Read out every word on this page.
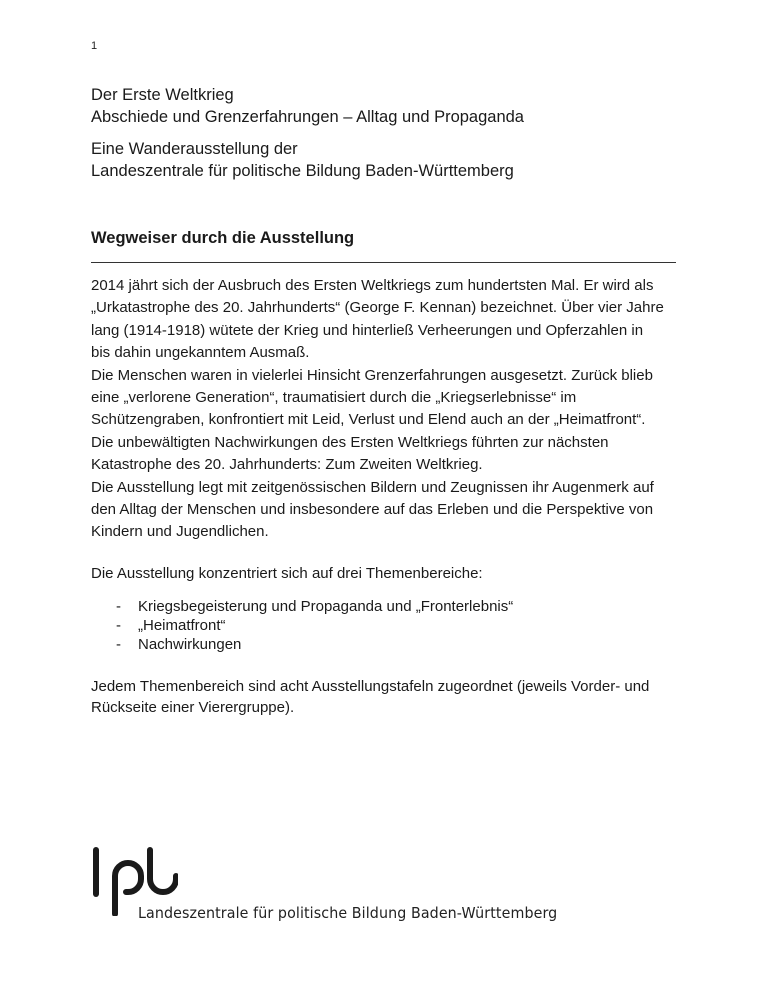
1
Der Erste Weltkrieg
Abschiede und Grenzerfahrungen – Alltag und Propaganda
Eine Wanderausstellung der
Landeszentrale für politische Bildung Baden-Württemberg
Wegweiser durch die Ausstellung

2014 jährt sich der Ausbruch des Ersten Weltkriegs zum hundertsten Mal. Er wird als

„Urkatastrophe des 20. Jahrhunderts“ (George F. Kennan) bezeichnet. Über vier Jahre

lang (1914-1918) wütete der Krieg und hinterließ Verheerungen und Opferzahlen in

bis dahin ungekanntem Ausmaß.

Die Menschen waren in vielerlei Hinsicht Grenzerfahrungen ausgesetzt. Zurück blieb

eine „verlorene Generation“, traumatisiert durch die „Kriegserlebnisse“ im

Schützengraben, konfrontiert mit Leid, Verlust und Elend auch an der „Heimatfront“.

Die unbewältigten Nachwirkungen des Ersten Weltkriegs führten zur nächsten

Katastrophe des 20. Jahrhunderts: Zum Zweiten Weltkrieg.

Die Ausstellung legt mit zeitgenössischen Bildern und Zeugnissen ihr Augenmerk auf

den Alltag der Menschen und insbesondere auf das Erleben und die Perspektive von

Kindern und Jugendlichen.

Die Ausstellung konzentriert sich auf drei Themenbereiche:
-	Kriegsbegeisterung und Propaganda und „Fronterlebnis“
-	„Heimatfront“
-	Nachwirkungen

Jedem Themenbereich sind acht Ausstellungstafeln zugeordnet (jeweils Vorder- und

Rückseite einer Vierergruppe).

Landeszentrale für politische Bildung Baden-Württemberg
